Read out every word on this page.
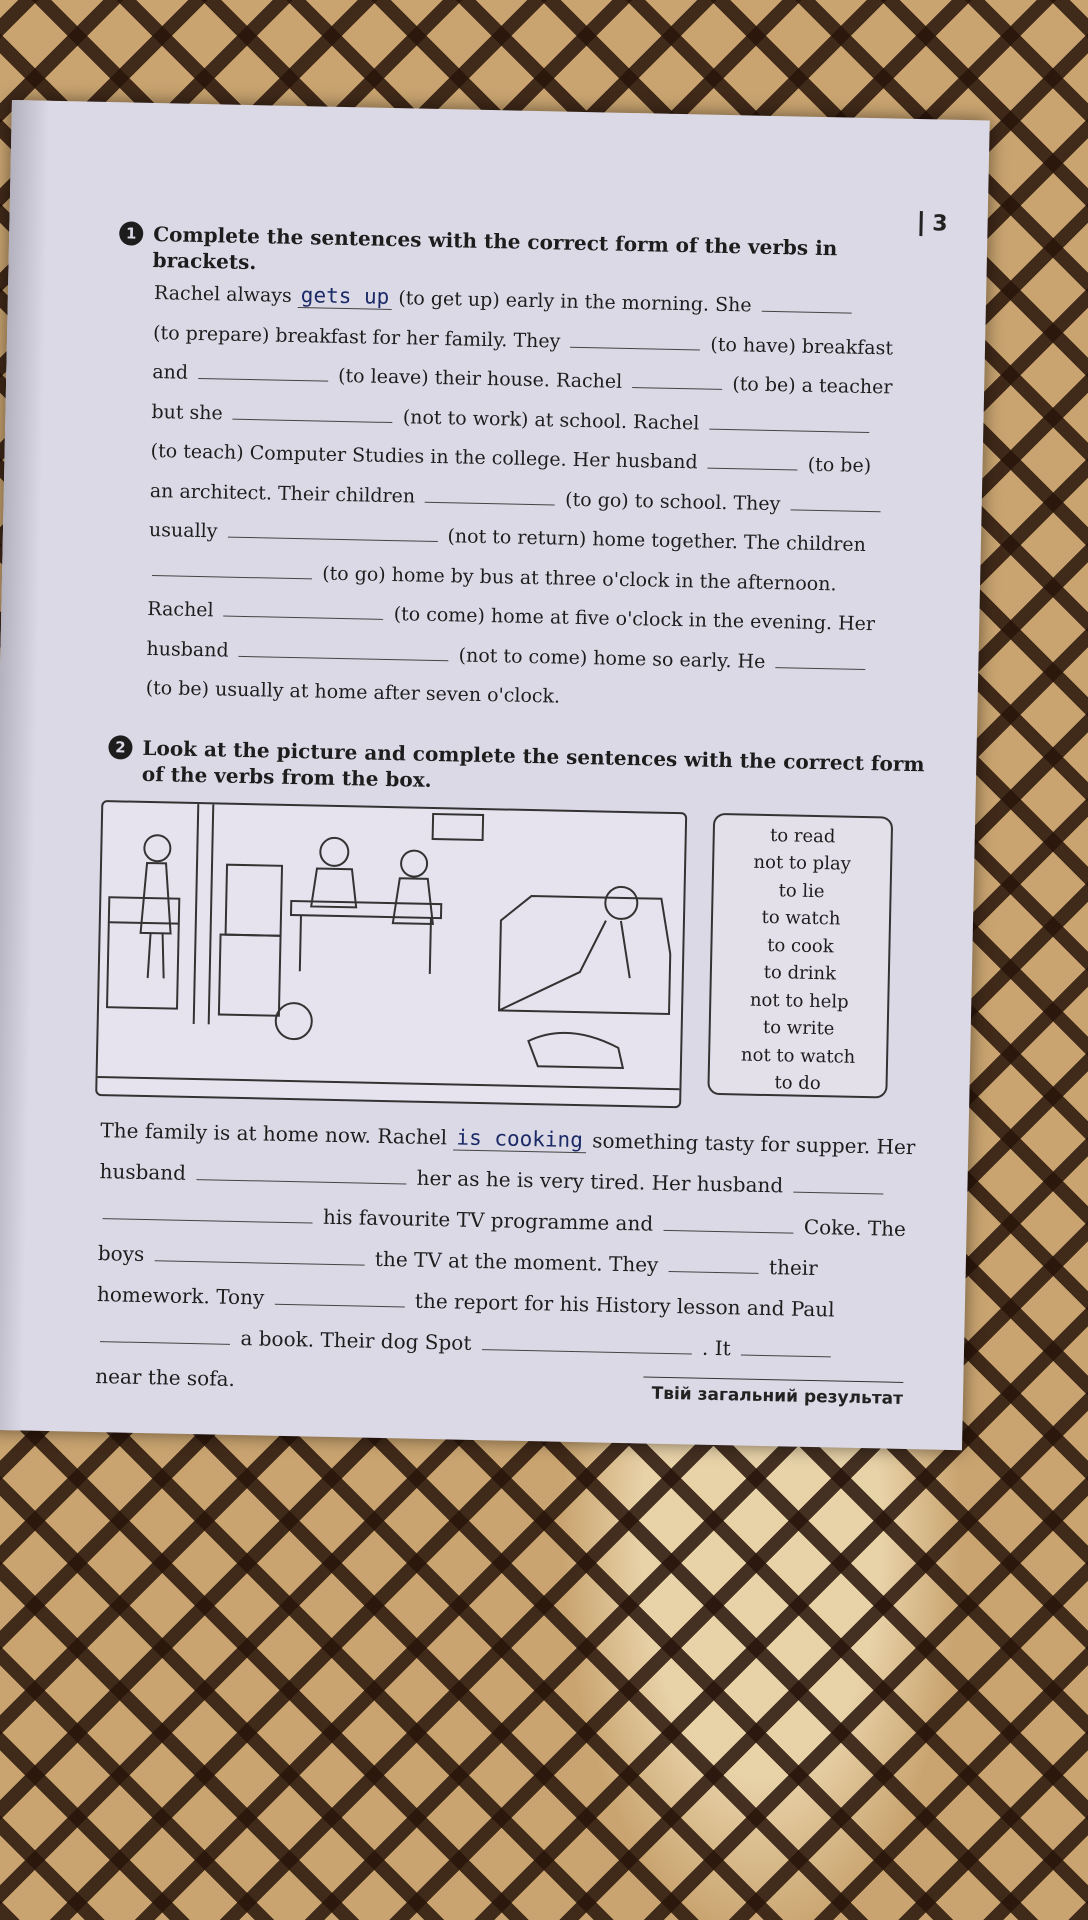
3
1 Complete the sentences with the correct form of the verbs in brackets.

Rachel always gets up (to get up) early in the morning. She

(to prepare) breakfast for her family. They	(to have) breakfast

and	(to leave) their house. Rachel	(to be) a teacher

but she	(not to work) at school. Rachel

(to teach) Computer Studies in the college. Her husband	(to be)

an architect. Their children	(to go) to school. They

usually	(not to return) home together. The children

(to go) home by bus at three o'clock in the afternoon.

Rachel	(to come) home at five o'clock in the evening. Her

husband	(not to come) home so early. He

(to be) usually at home after seven o'clock.

2 Look at the picture and complete the sentences with the correct form of the verbs from the box.
to read
not to play
to lie
to watch
to cook
to drink
not to help
to write
not to watch
to do

The family is at home now. Rachel is cooking something tasty for supper. Her

husband	her as he is very tired. Her husband

his favourite TV programme and	Coke. The

boys	the TV at the moment. They	their

homework. Tony	the report for his History lesson and Paul

a book. Their dog Spot	. It

near the sofa.

Твій загальний результат
